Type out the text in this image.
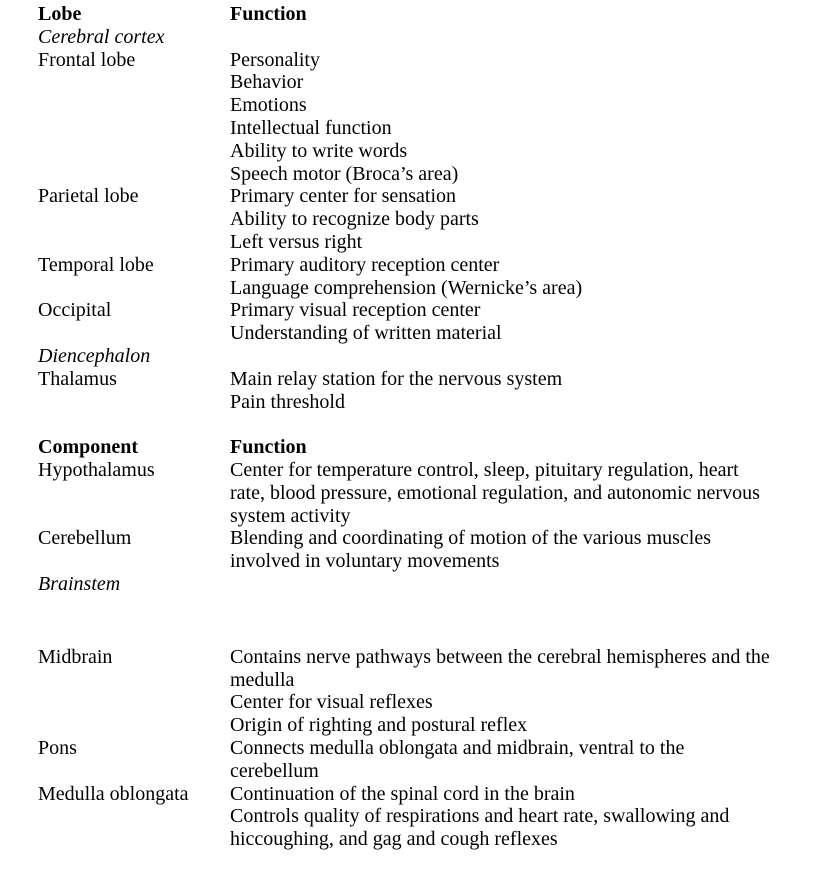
Lobe	Function
Cerebral cortex
Frontal lobe	Personality
Behavior
Emotions
Intellectual function
Ability to write words
Speech motor (Broca’s area)
Parietal lobe	Primary center for sensation
Ability to recognize body parts
Left versus right
Temporal lobe	Primary auditory reception center
Language comprehension (Wernicke’s area)
Occipital	Primary visual reception center
Understanding of written material
Diencephalon
Thalamus	Main relay station for the nervous system
Pain threshold
Component	Function
Hypothalamus	Center for temperature control, sleep, pituitary regulation, heart
rate, blood pressure, emotional regulation, and autonomic nervous
system activity
Cerebellum	Blending and coordinating of motion of the various muscles
involved in voluntary movements
Brainstem
Midbrain	Contains nerve pathways between the cerebral hemispheres and the
medulla
Center for visual reflexes
Origin of righting and postural reflex
Pons	Connects medulla oblongata and midbrain, ventral to the
cerebellum
Medulla oblongata	Continuation of the spinal cord in the brain
Controls quality of respirations and heart rate, swallowing and
hiccoughing, and gag and cough reflexes
